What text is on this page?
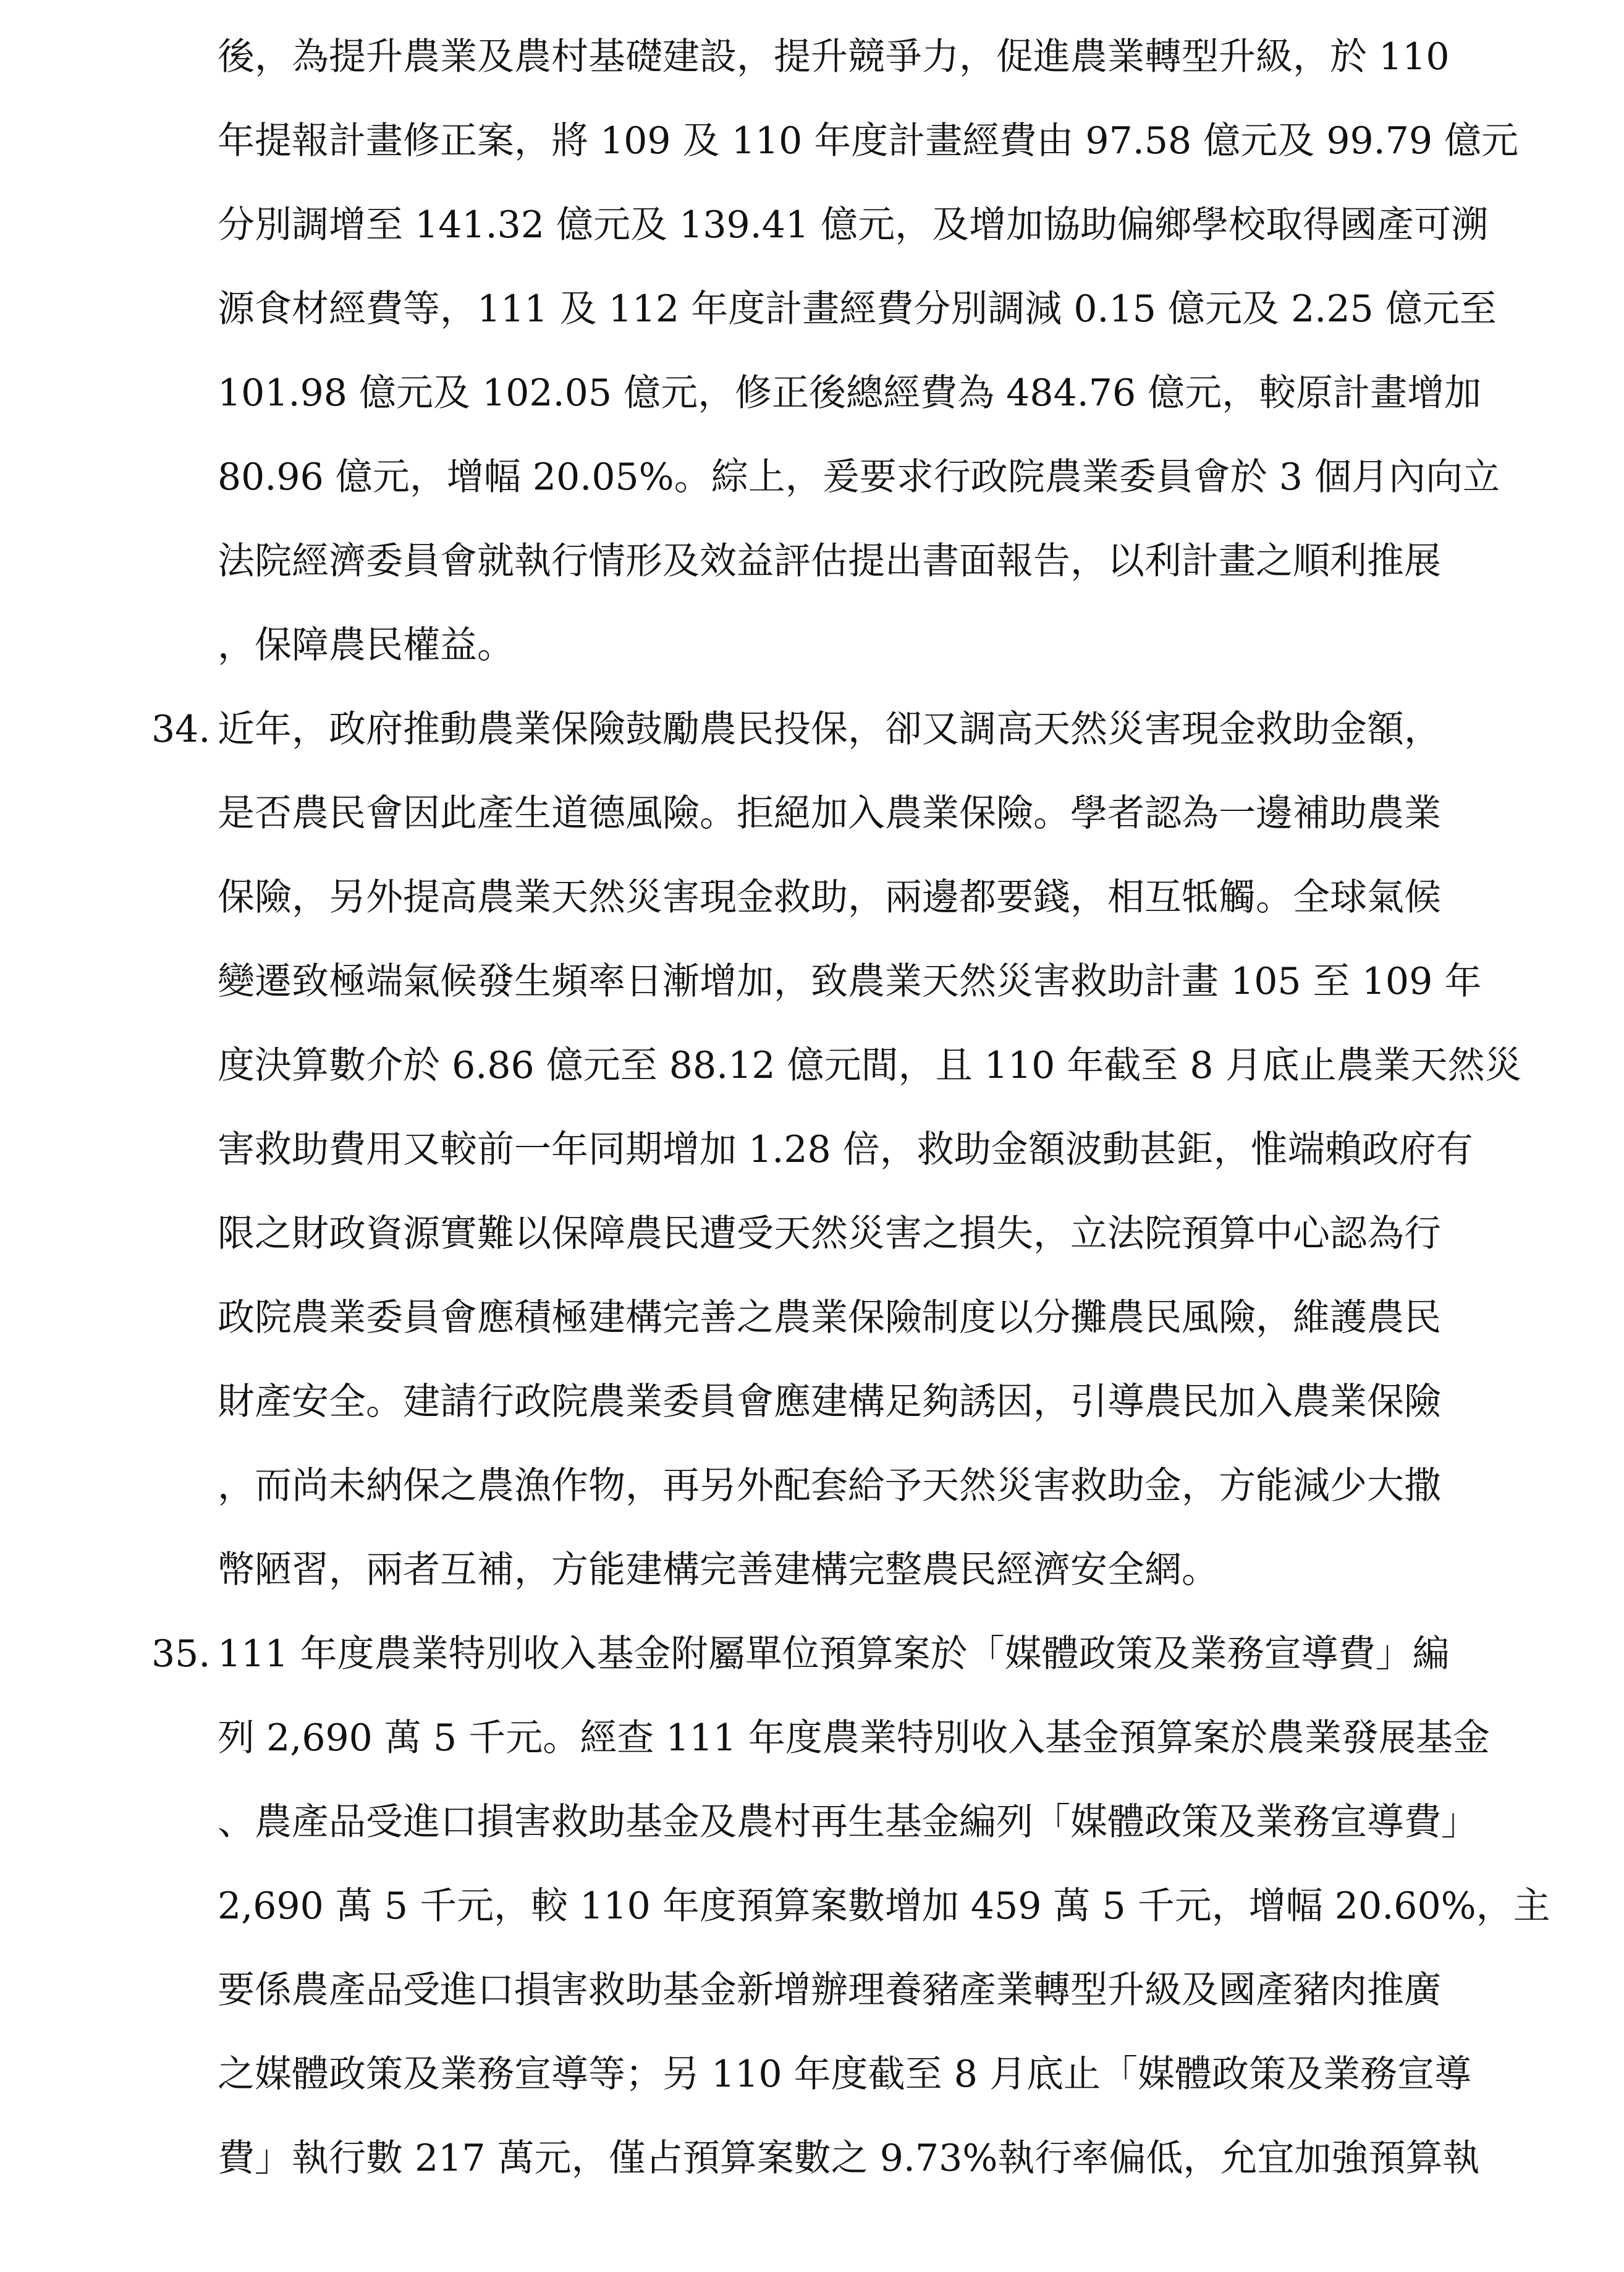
後，為提升農業及農村基礎建設，提升競爭力，促進農業轉型升級，於 110
年提報計畫修正案，將 109 及 110 年度計畫經費由 97.58 億元及 99.79 億元
分別調增至 141.32 億元及 139.41 億元，及增加協助偏鄉學校取得國產可溯
源食材經費等，111 及 112 年度計畫經費分別調減 0.15 億元及 2.25 億元至
101.98 億元及 102.05 億元，修正後總經費為 484.76 億元，較原計畫增加
80.96 億元，增幅 20.05%。綜上，爰要求行政院農業委員會於 3 個月內向立
法院經濟委員會就執行情形及效益評估提出書面報告，以利計畫之順利推展
，保障農民權益。
34. 近年，政府推動農業保險鼓勵農民投保，卻又調高天然災害現金救助金額，
是否農民會因此產生道德風險。拒絕加入農業保險。學者認為一邊補助農業
保險，另外提高農業天然災害現金救助，兩邊都要錢，相互牴觸。全球氣候
變遷致極端氣候發生頻率日漸增加，致農業天然災害救助計畫 105 至 109 年
度決算數介於 6.86 億元至 88.12 億元間，且 110 年截至 8 月底止農業天然災
害救助費用又較前一年同期增加 1.28 倍，救助金額波動甚鉅，惟端賴政府有
限之財政資源實難以保障農民遭受天然災害之損失，立法院預算中心認為行
政院農業委員會應積極建構完善之農業保險制度以分攤農民風險，維護農民
財產安全。建請行政院農業委員會應建構足夠誘因，引導農民加入農業保險
，而尚未納保之農漁作物，再另外配套給予天然災害救助金，方能減少大撒
幣陋習，兩者互補，方能建構完善建構完整農民經濟安全網。
35. 111 年度農業特別收入基金附屬單位預算案於「媒體政策及業務宣導費」編
列 2,690 萬 5 千元。經查 111 年度農業特別收入基金預算案於農業發展基金
、農產品受進口損害救助基金及農村再生基金編列「媒體政策及業務宣導費」
2,690 萬 5 千元，較 110 年度預算案數增加 459 萬 5 千元，增幅 20.60%，主
要係農產品受進口損害救助基金新增辦理養豬產業轉型升級及國產豬肉推廣
之媒體政策及業務宣導等；另 110 年度截至 8 月底止「媒體政策及業務宣導
費」執行數 217 萬元，僅占預算案數之 9.73%執行率偏低，允宜加強預算執
